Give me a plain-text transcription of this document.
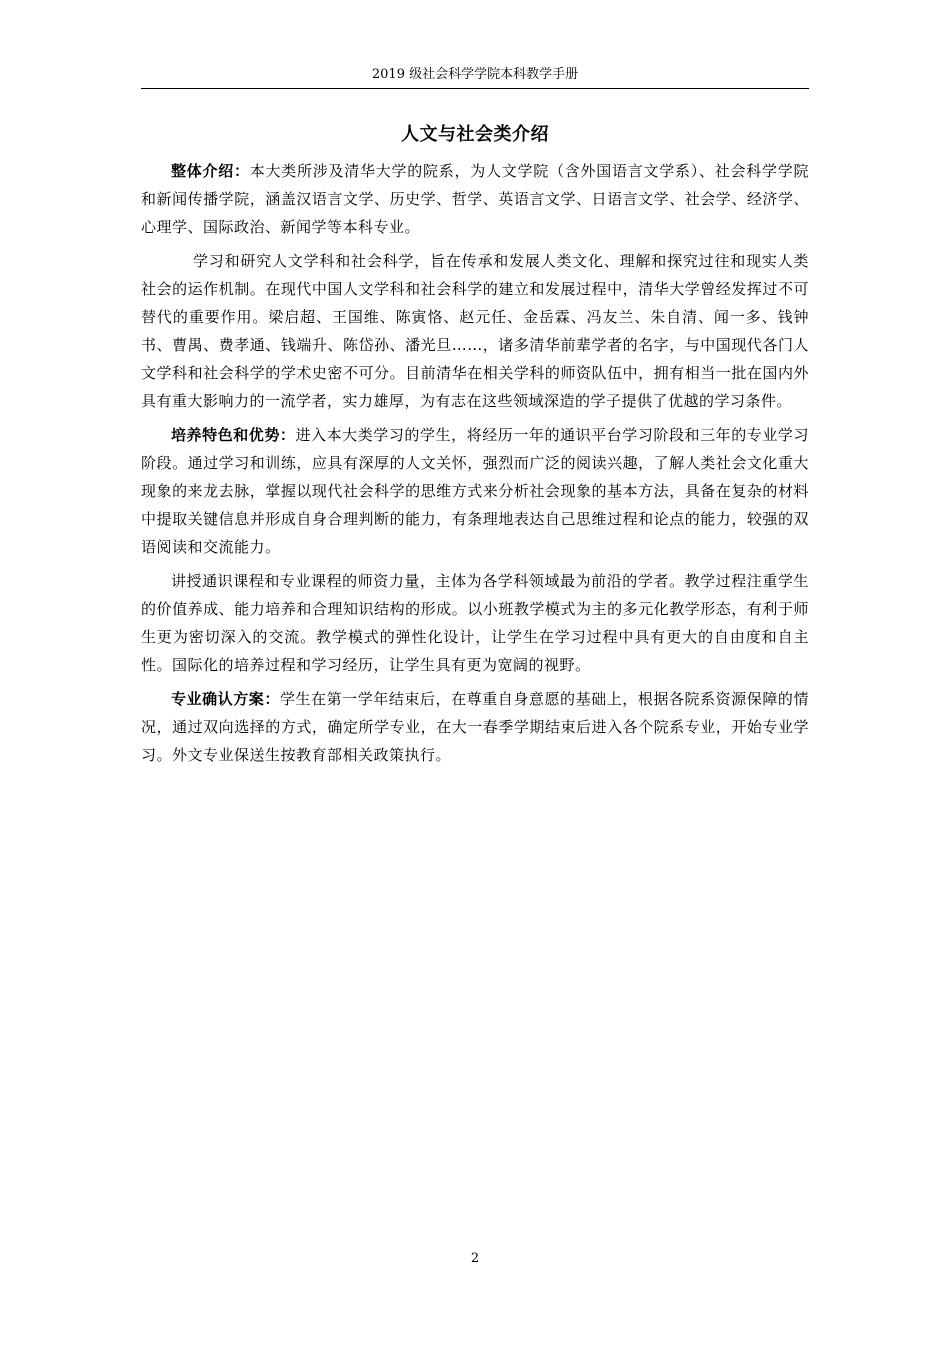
2019 级社会科学学院本科教学手册
人文与社会类介绍

整体介绍：本大类所涉及清华大学的院系，为人文学院（含外国语言文学系）、社会科学学院和新闻传播学院，涵盖汉语言文学、历史学、哲学、英语言文学、日语言文学、社会学、经济学、心理学、国际政治、新闻学等本科专业。

学习和研究人文学科和社会科学，旨在传承和发展人类文化、理解和探究过往和现实人类社会的运作机制。在现代中国人文学科和社会科学的建立和发展过程中，清华大学曾经发挥过不可替代的重要作用。梁启超、王国维、陈寅恪、赵元任、金岳霖、冯友兰、朱自清、闻一多、钱钟书、曹禺、费孝通、钱端升、陈岱孙、潘光旦……，诸多清华前辈学者的名字，与中国现代各门人文学科和社会科学的学术史密不可分。目前清华在相关学科的师资队伍中，拥有相当一批在国内外具有重大影响力的一流学者，实力雄厚，为有志在这些领域深造的学子提供了优越的学习条件。

培养特色和优势：进入本大类学习的学生，将经历一年的通识平台学习阶段和三年的专业学习阶段。通过学习和训练，应具有深厚的人文关怀，强烈而广泛的阅读兴趣，了解人类社会文化重大现象的来龙去脉，掌握以现代社会科学的思维方式来分析社会现象的基本方法，具备在复杂的材料中提取关键信息并形成自身合理判断的能力，有条理地表达自己思维过程和论点的能力，较强的双语阅读和交流能力。

讲授通识课程和专业课程的师资力量，主体为各学科领域最为前沿的学者。教学过程注重学生的价值养成、能力培养和合理知识结构的形成。以小班教学模式为主的多元化教学形态，有利于师生更为密切深入的交流。教学模式的弹性化设计，让学生在学习过程中具有更大的自由度和自主性。国际化的培养过程和学习经历，让学生具有更为宽阔的视野。

专业确认方案：学生在第一学年结束后，在尊重自身意愿的基础上，根据各院系资源保障的情况，通过双向选择的方式，确定所学专业，在大一春季学期结束后进入各个院系专业，开始专业学习。外文专业保送生按教育部相关政策执行。

2
